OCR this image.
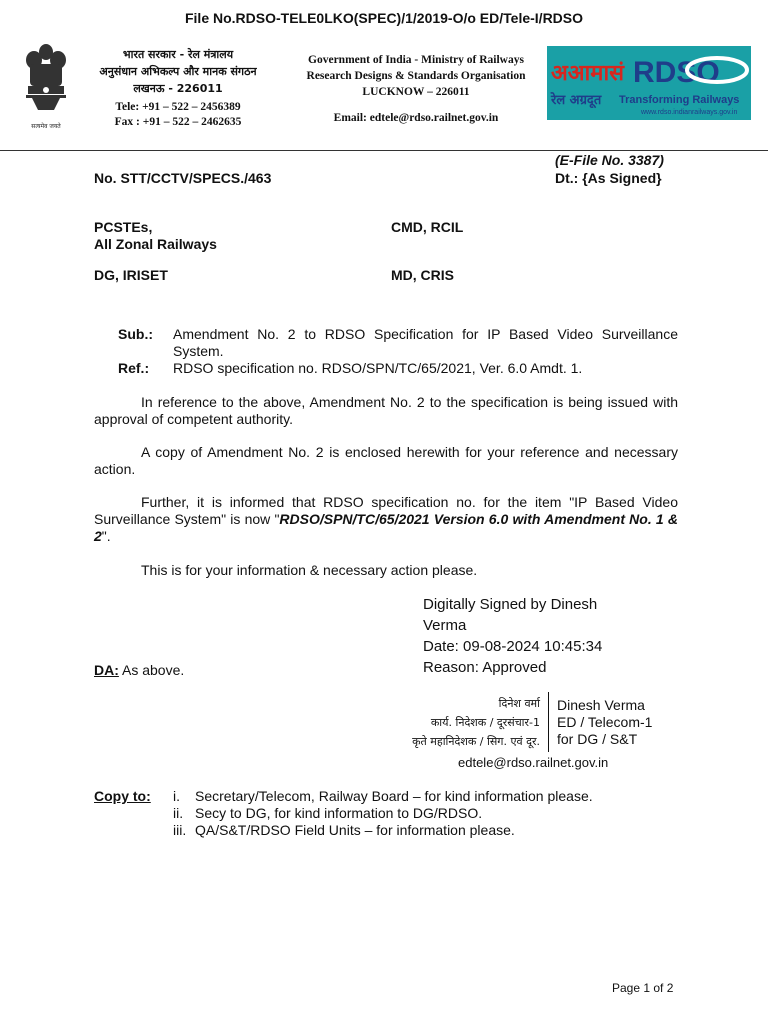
File No.RDSO-TELE0LKO(SPEC)/1/2019-O/o ED/Tele-I/RDSO
सत्यमेव जयते
भारत सरकार - रेल मंत्रालय
अनुसंधान अभिकल्प और मानक संगठन
लखनऊ - 226011
Tele: +91 – 522 – 2456389
Fax : +91 – 522 – 2462635
Government of India - Ministry of Railways
Research Designs & Standards Organisation
LUCKNOW – 226011
Email: edtele@rdso.railnet.gov.in
अआमासं RDSO
रेल अग्रदूत Transforming Railways
www.rdso.indianrailways.gov.in
(E-File No. 3387)
No. STT/CCTV/SPECS./463	Dt.: {As Signed}
PCSTEs,
All Zonal Railways
CMD, RCIL
DG, IRISET	MD, CRIS
Sub.: Amendment No. 2 to RDSO Specification for IP Based Video Surveillance System.
Ref.: RDSO specification no. RDSO/SPN/TC/65/2021, Ver. 6.0 Amdt. 1.
In reference to the above, Amendment No. 2 to the specification is being issued with approval of competent authority.
A copy of Amendment No. 2 is enclosed herewith for your reference and necessary action.
Further, it is informed that RDSO specification no. for the item "IP Based Video Surveillance System" is now "RDSO/SPN/TC/65/2021 Version 6.0 with Amendment No. 1 & 2".
This is for your information & necessary action please.
Digitally Signed by Dinesh
Verma
Date: 09-08-2024 10:45:34
Reason: Approved
DA: As above.
दिनेश वर्मा
कार्य. निदेशक / दूरसंचार-1
कृते महानिदेशक / सिग. एवं दूर.
Dinesh Verma
ED / Telecom-1
for DG / S&T
edtele@rdso.railnet.gov.in
Copy to: i. Secretary/Telecom, Railway Board – for kind information please.
ii. Secy to DG, for kind information to DG/RDSO.
iii. QA/S&T/RDSO Field Units – for information please.
Page 1 of 2
